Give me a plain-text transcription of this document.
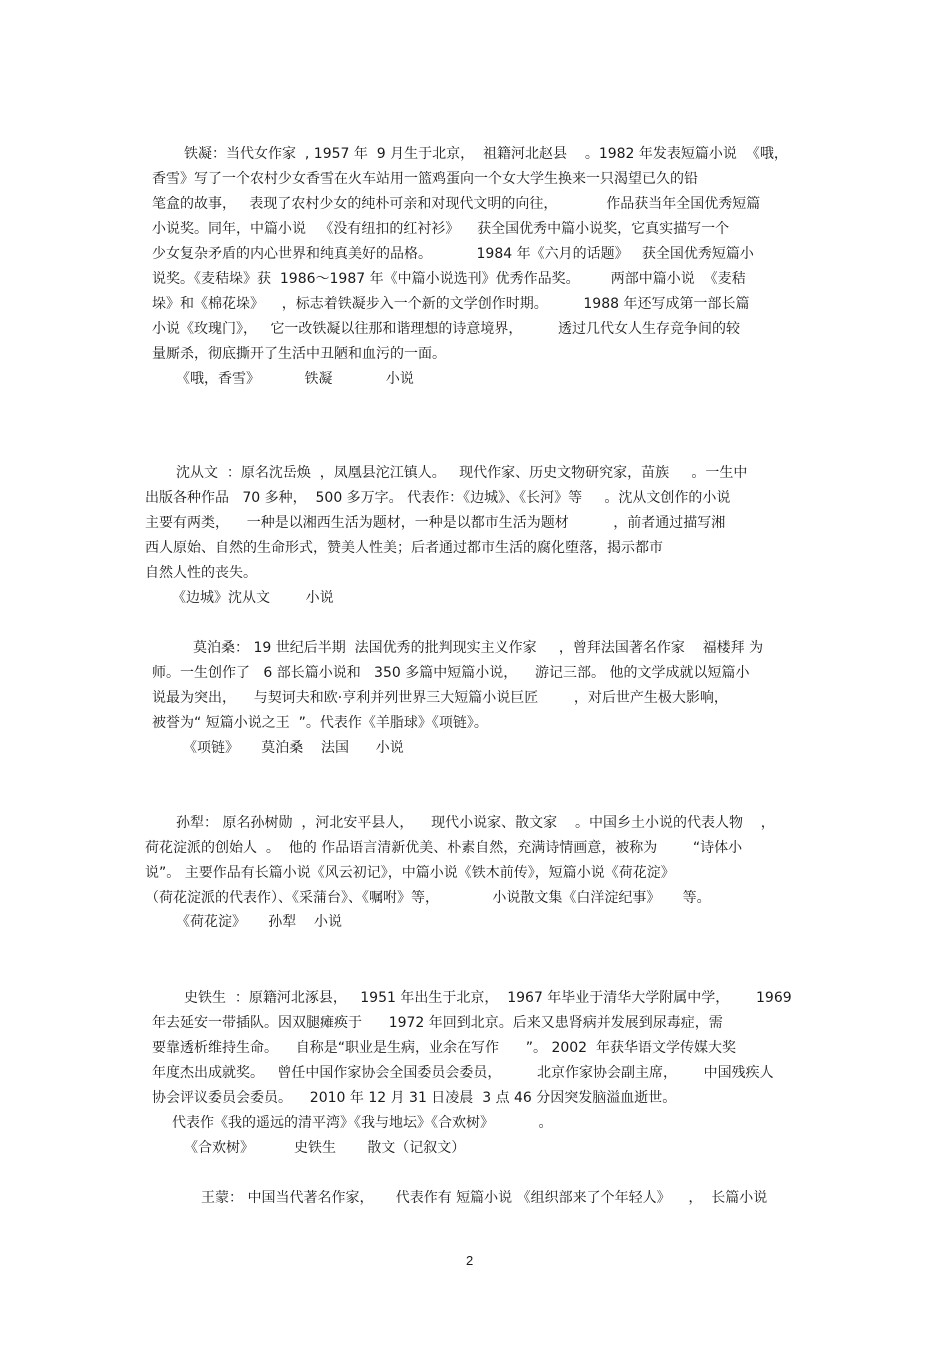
铁凝：当代女作家  , 1957 年  9 月生于北京，  祖籍河北赵县    。1982 年发表短篇小说  《哦，
香雪》写了一个农村少女香雪在火车站用一篮鸡蛋向一个女大学生换来一只渴望已久的铅
笔盒的故事，   表现了农村少女的纯朴可亲和对现代文明的向往，           作品获当年全国优秀短篇
小说奖。同年，中篇小说   《没有纽扣的红衬衫》    获全国优秀中篇小说奖，它真实描写一个
少女复杂矛盾的内心世界和纯真美好的品格。          1984 年《六月的话题》   获全国优秀短篇小
说奖。《麦秸垛》获  1986～1987 年《中篇小说选刊》优秀作品奖。       两部中篇小说  《麦秸
垛》和《棉花垛》    ，标志着铁凝步入一个新的文学创作时期。        1988 年还写成第一部长篇
小说《玫瑰门》，   它一改铁凝以往那和谐理想的诗意境界，        透过几代女人生存竞争间的较
量厮杀，彻底撕开了生活中丑陋和血污的一面。
《哦，香雪》          铁凝            小说
沈从文  ：原名沈岳焕  ，凤凰县沱江镇人。   现代作家、历史文物研究家，苗族     。一生中
出版各种作品   70 多种，  500 多万字。 代表作：《边城》、《长河》等     。沈从文创作的小说
主要有两类，    一种是以湘西生活为题材，一种是以都市生活为题材          ，前者通过描写湘
西人原始、自然的生命形式，赞美人性美；后者通过都市生活的腐化堕落，揭示都市
自然人性的丧失。
《边城》沈从文        小说
莫泊桑： 19 世纪后半期  法国优秀的批判现实主义作家     ，曾拜法国著名作家    福楼拜 为
师。一生创作了   6 部长篇小说和   350 多篇中短篇小说，    游记三部。 他的文学成就以短篇小
说最为突出，    与契诃夫和欧·亨利并列世界三大短篇小说巨匠        ，对后世产生极大影响，
被誉为“ 短篇小说之王  ”。代表作《羊脂球》《项链》。
《项链》     莫泊桑    法国      小说
孙犁： 原名孙树勋  ，河北安平县人，    现代小说家、散文家    。中国乡土小说的代表人物    ，
荷花淀派的创始人  。  他的 作品语言清新优美、朴素自然，充满诗情画意，被称为        “诗体小
说”。 主要作品有长篇小说《风云初记》，中篇小说《铁木前传》，短篇小说《荷花淀》
（荷花淀派的代表作）、《采蒲台》、《嘱咐》等，            小说散文集《白洋淀纪事》     等。
《荷花淀》     孙犁    小说
史铁生  ：原籍河北涿县，   1951 年出生于北京，  1967 年毕业于清华大学附属中学，      1969
年去延安一带插队。因双腿瘫痪于      1972 年回到北京。后来又患肾病并发展到尿毒症，需
要靠透析维持生命。    自称是“职业是生病，业余在写作      ”。 2002  年获华语文学传媒大奖
年度杰出成就奖。   曾任中国作家协会全国委员会委员，        北京作家协会副主席，      中国残疾人
协会评议委员会委员。    2010 年 12 月 31 日凌晨  3 点 46 分因突发脑溢血逝世。
代表作《我的遥远的清平湾》《我与地坛》《合欢树》          。
《合欢树》         史铁生       散文（记叙文）
王蒙： 中国当代著名作家，     代表作有 短篇小说 《组织部来了个年轻人》    ，  长篇小说
2
